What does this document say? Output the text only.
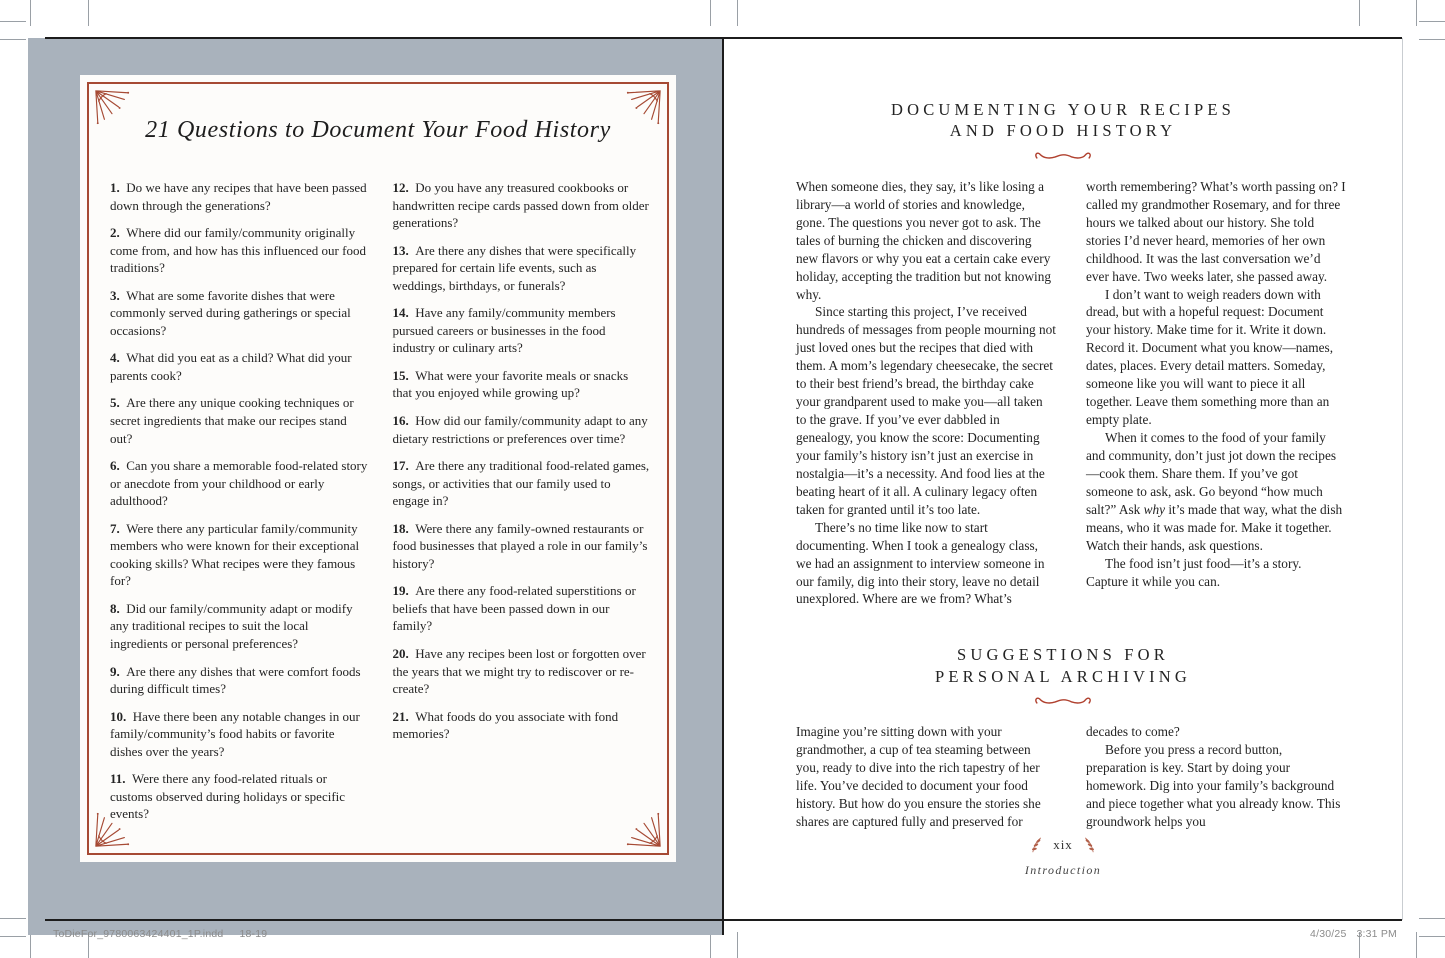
21 Questions to Document Your Food History

1. Do we have any recipes that have been passed down through the generations?

2. Where did our family/community originally come from, and how has this influenced our food traditions?

3. What are some favorite dishes that were commonly served during gatherings or special occasions?

4. What did you eat as a child? What did your parents cook?

5. Are there any unique cooking techniques or secret ingredients that make our recipes stand out?

6. Can you share a memorable food-related story or anecdote from your childhood or early adulthood?

7. Were there any particular family/community members who were known for their exceptional cooking skills? What recipes were they famous for?

8. Did our family/community adapt or modify any traditional recipes to suit the local ingredients or personal preferences?

9. Are there any dishes that were comfort foods during difficult times?

10. Have there been any notable changes in our family/community’s food habits or favorite dishes over the years?

11. Were there any food-related rituals or customs observed during holidays or specific events?

12. Do you have any treasured cookbooks or handwritten recipe cards passed down from older generations?

13. Are there any dishes that were specifically prepared for certain life events, such as weddings, birthdays, or funerals?

14. Have any family/community members pursued careers or businesses in the food industry or culinary arts?

15. What were your favorite meals or snacks that you enjoyed while growing up?

16. How did our family/community adapt to any dietary restrictions or preferences over time?

17. Are there any traditional food-related games, songs, or activities that our family used to engage in?

18. Were there any family-owned restaurants or food businesses that played a role in our family’s history?

19. Are there any food-related superstitions or beliefs that have been passed down in our family?

20. Have any recipes been lost or forgotten over the years that we might try to rediscover or re-create?

21. What foods do you associate with fond memories?

DOCUMENTING YOUR RECIPES
AND FOOD HISTORY

When someone dies, they say, it’s like losing a library—a world of stories and knowledge, gone. The questions you never got to ask. The tales of burning the chicken and discovering new flavors or why you eat a certain cake every holiday, accepting the tradition but not knowing why.

Since starting this project, I’ve received hundreds of messages from people mourning not just loved ones but the recipes that died with them. A mom’s legendary cheesecake, the secret to their best friend’s bread, the birthday cake your grandparent used to make you—all taken to the grave. If you’ve ever dabbled in genealogy, you know the score: Documenting your family’s history isn’t just an exercise in nostalgia—it’s a necessity. And food lies at the beating heart of it all. A culinary legacy often taken for granted until it’s too late.

There’s no time like now to start documenting. When I took a genealogy class, we had an assignment to interview someone in our family, dig into their story, leave no detail unexplored. Where are we from? What’s

worth remembering? What’s worth passing on? I called my grandmother Rosemary, and for three hours we talked about our history. She told stories I’d never heard, memories of her own childhood. It was the last conversation we’d ever have. Two weeks later, she passed away.

I don’t want to weigh readers down with dread, but with a hopeful request: Document your history. Make time for it. Write it down. Record it. Document what you know—names, dates, places. Every detail matters. Someday, someone like you will want to piece it all together. Leave them something more than an empty plate.

When it comes to the food of your family and community, don’t just jot down the recipes—cook them. Share them. If you’ve got someone to ask, ask. Go beyond “how much salt?” Ask why it’s made that way, what the dish means, who it was made for. Make it together. Watch their hands, ask questions.

The food isn’t just food—it’s a story. Capture it while you can.

SUGGESTIONS FOR
PERSONAL ARCHIVING

Imagine you’re sitting down with your grandmother, a cup of tea steaming between you, ready to dive into the rich tapestry of her life. You’ve decided to document your food history. But how do you ensure the stories she shares are captured fully and preserved for

decades to come?

Before you press a record button, preparation is key. Start by doing your homework. Dig into your family’s background and piece together what you already know. This groundwork helps you

xix
Introduction
ToDieFor_9780063424401_1P.indd 18-19	4/30/25 3:31 PM
